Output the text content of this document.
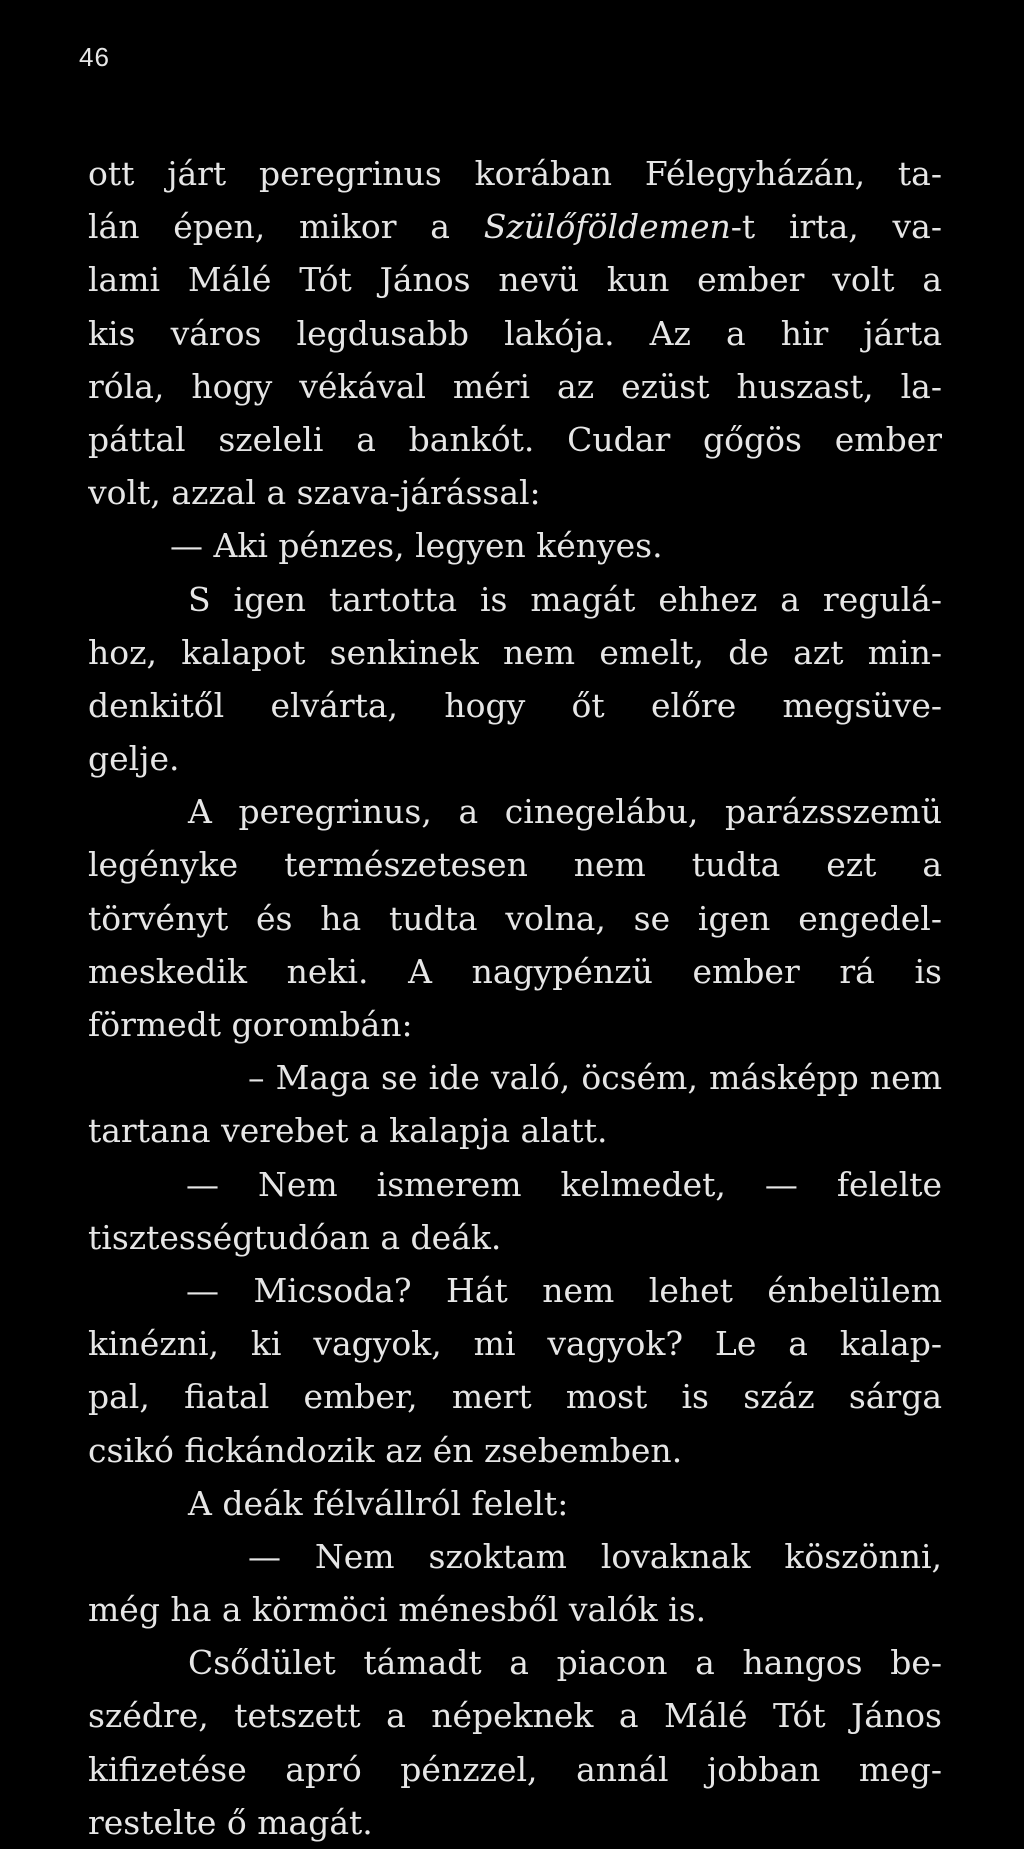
46
ott járt peregrinus korában Félegyházán, ta-
lán épen, mikor a Szülőföldemen-t irta, va-
lami Málé Tót János nevü kun ember volt a
kis város legdusabb lakója. Az a hir járta
róla, hogy vékával méri az ezüst huszast, la-
páttal szeleli a bankót. Cudar gőgös ember
volt, azzal a szava-járással:
— Aki pénzes, legyen kényes.
S igen tartotta is magát ehhez a regulá-
hoz, kalapot senkinek nem emelt, de azt min-
denkitől elvárta, hogy őt előre megsüve-
gelje.
A peregrinus, a cinegelábu, parázsszemü
legényke természetesen nem tudta ezt a
törvényt és ha tudta volna, se igen engedel-
meskedik neki. A nagypénzü ember rá is
förmedt gorombán:
– Maga se ide való, öcsém, másképp nem
tartana verebet a kalapja alatt.
— Nem ismerem kelmedet, — felelte
tisztességtudóan a deák.
— Micsoda? Hát nem lehet énbelülem
kinézni, ki vagyok, mi vagyok? Le a kalap-
pal, fiatal ember, mert most is száz sárga
csikó fickándozik az én zsebemben.
A deák félvállról felelt:
— Nem szoktam lovaknak köszönni,
még ha a körmöci ménesből valók is.
Csődület támadt a piacon a hangos be-
szédre, tetszett a népeknek a Málé Tót János
kifizetése apró pénzzel, annál jobban meg-
restelte ő magát.
